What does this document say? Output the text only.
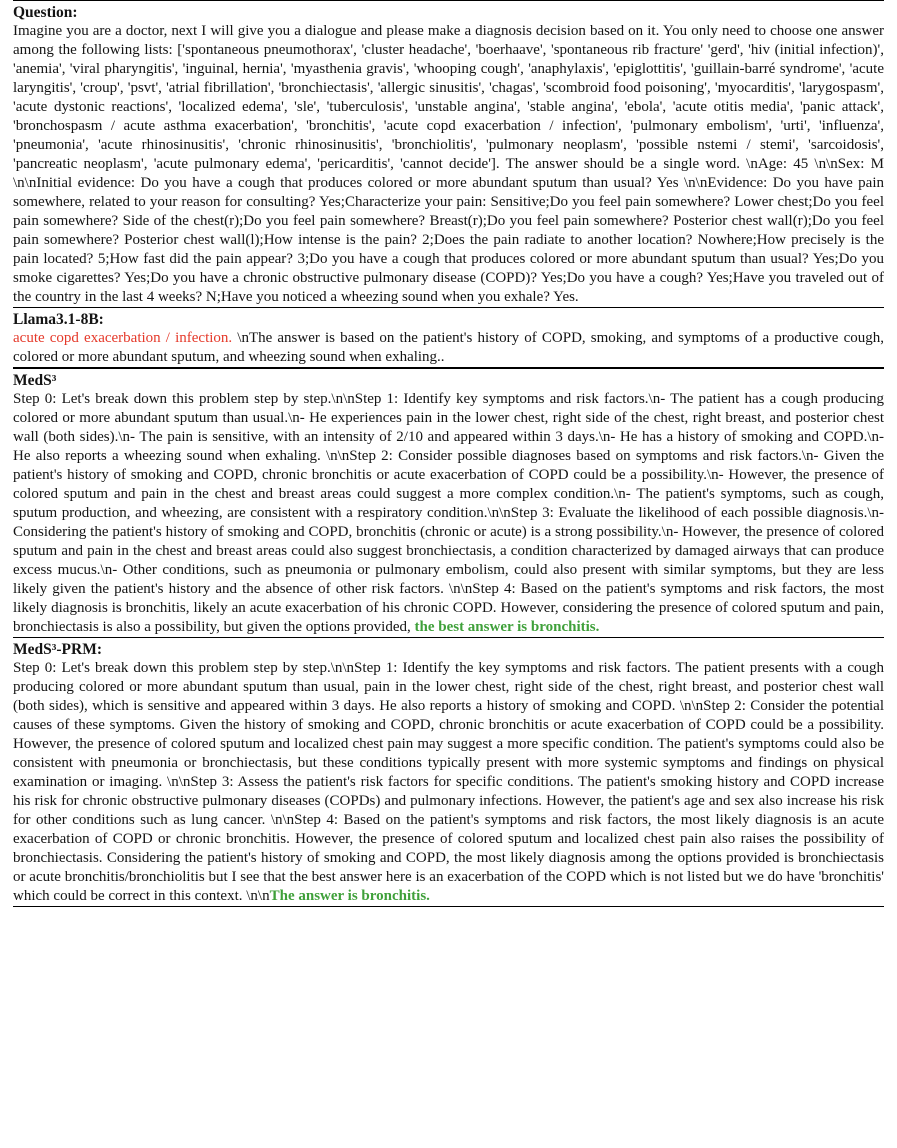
Question:

Imagine you are a doctor, next I will give you a dialogue and please make a diagnosis decision based on it. You only need to choose one answer among the following lists: ['spontaneous pneumothorax', 'cluster headache', 'boerhaave', 'spontaneous rib fracture' 'gerd', 'hiv (initial infection)', 'anemia', 'viral pharyngitis', 'inguinal, hernia', 'myasthenia gravis', 'whooping cough', 'anaphylaxis', 'epiglottitis', 'guillain-barré syndrome', 'acute laryngitis', 'croup', 'psvt', 'atrial fibrillation', 'bronchiectasis', 'allergic sinusitis', 'chagas', 'scombroid food poisoning', 'myocarditis', 'larygospasm', 'acute dystonic reactions', 'localized edema', 'sle', 'tuberculosis', 'unstable angina', 'stable angina', 'ebola', 'acute otitis media', 'panic attack', 'bronchospasm / acute asthma exacerbation', 'bronchitis', 'acute copd exacerbation / infection', 'pulmonary embolism', 'urti', 'influenza', 'pneumonia', 'acute rhinosinusitis', 'chronic rhinosinusitis', 'bronchiolitis', 'pulmonary neoplasm', 'possible nstemi / stemi', 'sarcoidosis', 'pancreatic neoplasm', 'acute pulmonary edema', 'pericarditis', 'cannot decide']. The answer should be a single word. \nAge: 45 \n\nSex: M \n\nInitial evidence: Do you have a cough that produces colored or more abundant sputum than usual? Yes \n\nEvidence: Do you have pain somewhere, related to your reason for consulting? Yes;Characterize your pain: Sensitive;Do you feel pain somewhere? Lower chest;Do you feel pain somewhere? Side of the chest(r);Do you feel pain somewhere? Breast(r);Do you feel pain somewhere? Posterior chest wall(r);Do you feel pain somewhere? Posterior chest wall(l);How intense is the pain? 2;Does the pain radiate to another location? Nowhere;How precisely is the pain located? 5;How fast did the pain appear? 3;Do you have a cough that produces colored or more abundant sputum than usual? Yes;Do you smoke cigarettes? Yes;Do you have a chronic obstructive pulmonary disease (COPD)? Yes;Do you have a cough? Yes;Have you traveled out of the country in the last 4 weeks? N;Have you noticed a wheezing sound when you exhale? Yes.

Llama3.1-8B:

acute copd exacerbation / infection. \nThe answer is based on the patient's history of COPD, smoking, and symptoms of a productive cough, colored or more abundant sputum, and wheezing sound when exhaling..

MedS³

Step 0: Let's break down this problem step by step.\n\nStep 1: Identify key symptoms and risk factors.\n- The patient has a cough producing colored or more abundant sputum than usual.\n- He experiences pain in the lower chest, right side of the chest, right breast, and posterior chest wall (both sides).\n- The pain is sensitive, with an intensity of 2/10 and appeared within 3 days.\n- He has a history of smoking and COPD.\n- He also reports a wheezing sound when exhaling. \n\nStep 2: Consider possible diagnoses based on symptoms and risk factors.\n- Given the patient's history of smoking and COPD, chronic bronchitis or acute exacerbation of COPD could be a possibility.\n- However, the presence of colored sputum and pain in the chest and breast areas could suggest a more complex condition.\n- The patient's symptoms, such as cough, sputum production, and wheezing, are consistent with a respiratory condition.\n\nStep 3: Evaluate the likelihood of each possible diagnosis.\n- Considering the patient's history of smoking and COPD, bronchitis (chronic or acute) is a strong possibility.\n- However, the presence of colored sputum and pain in the chest and breast areas could also suggest bronchiectasis, a condition characterized by damaged airways that can produce excess mucus.\n- Other conditions, such as pneumonia or pulmonary embolism, could also present with similar symptoms, but they are less likely given the patient's history and the absence of other risk factors. \n\nStep 4: Based on the patient's symptoms and risk factors, the most likely diagnosis is bronchitis, likely an acute exacerbation of his chronic COPD. However, considering the presence of colored sputum and pain, bronchiectasis is also a possibility, but given the options provided, the best answer is bronchitis.

MedS³-PRM:

Step 0: Let's break down this problem step by step.\n\nStep 1: Identify the key symptoms and risk factors. The patient presents with a cough producing colored or more abundant sputum than usual, pain in the lower chest, right side of the chest, right breast, and posterior chest wall (both sides), which is sensitive and appeared within 3 days. He also reports a history of smoking and COPD. \n\nStep 2: Consider the potential causes of these symptoms. Given the history of smoking and COPD, chronic bronchitis or acute exacerbation of COPD could be a possibility. However, the presence of colored sputum and localized chest pain may suggest a more specific condition. The patient's symptoms could also be consistent with pneumonia or bronchiectasis, but these conditions typically present with more systemic symptoms and findings on physical examination or imaging. \n\nStep 3: Assess the patient's risk factors for specific conditions. The patient's smoking history and COPD increase his risk for chronic obstructive pulmonary diseases (COPDs) and pulmonary infections. However, the patient's age and sex also increase his risk for other conditions such as lung cancer. \n\nStep 4: Based on the patient's symptoms and risk factors, the most likely diagnosis is an acute exacerbation of COPD or chronic bronchitis. However, the presence of colored sputum and localized chest pain also raises the possibility of bronchiectasis. Considering the patient's history of smoking and COPD, the most likely diagnosis among the options provided is bronchiectasis or acute bronchitis/bronchiolitis but I see that the best answer here is an exacerbation of the COPD which is not listed but we do have 'bronchitis' which could be correct in this context. \n\nThe answer is bronchitis.
